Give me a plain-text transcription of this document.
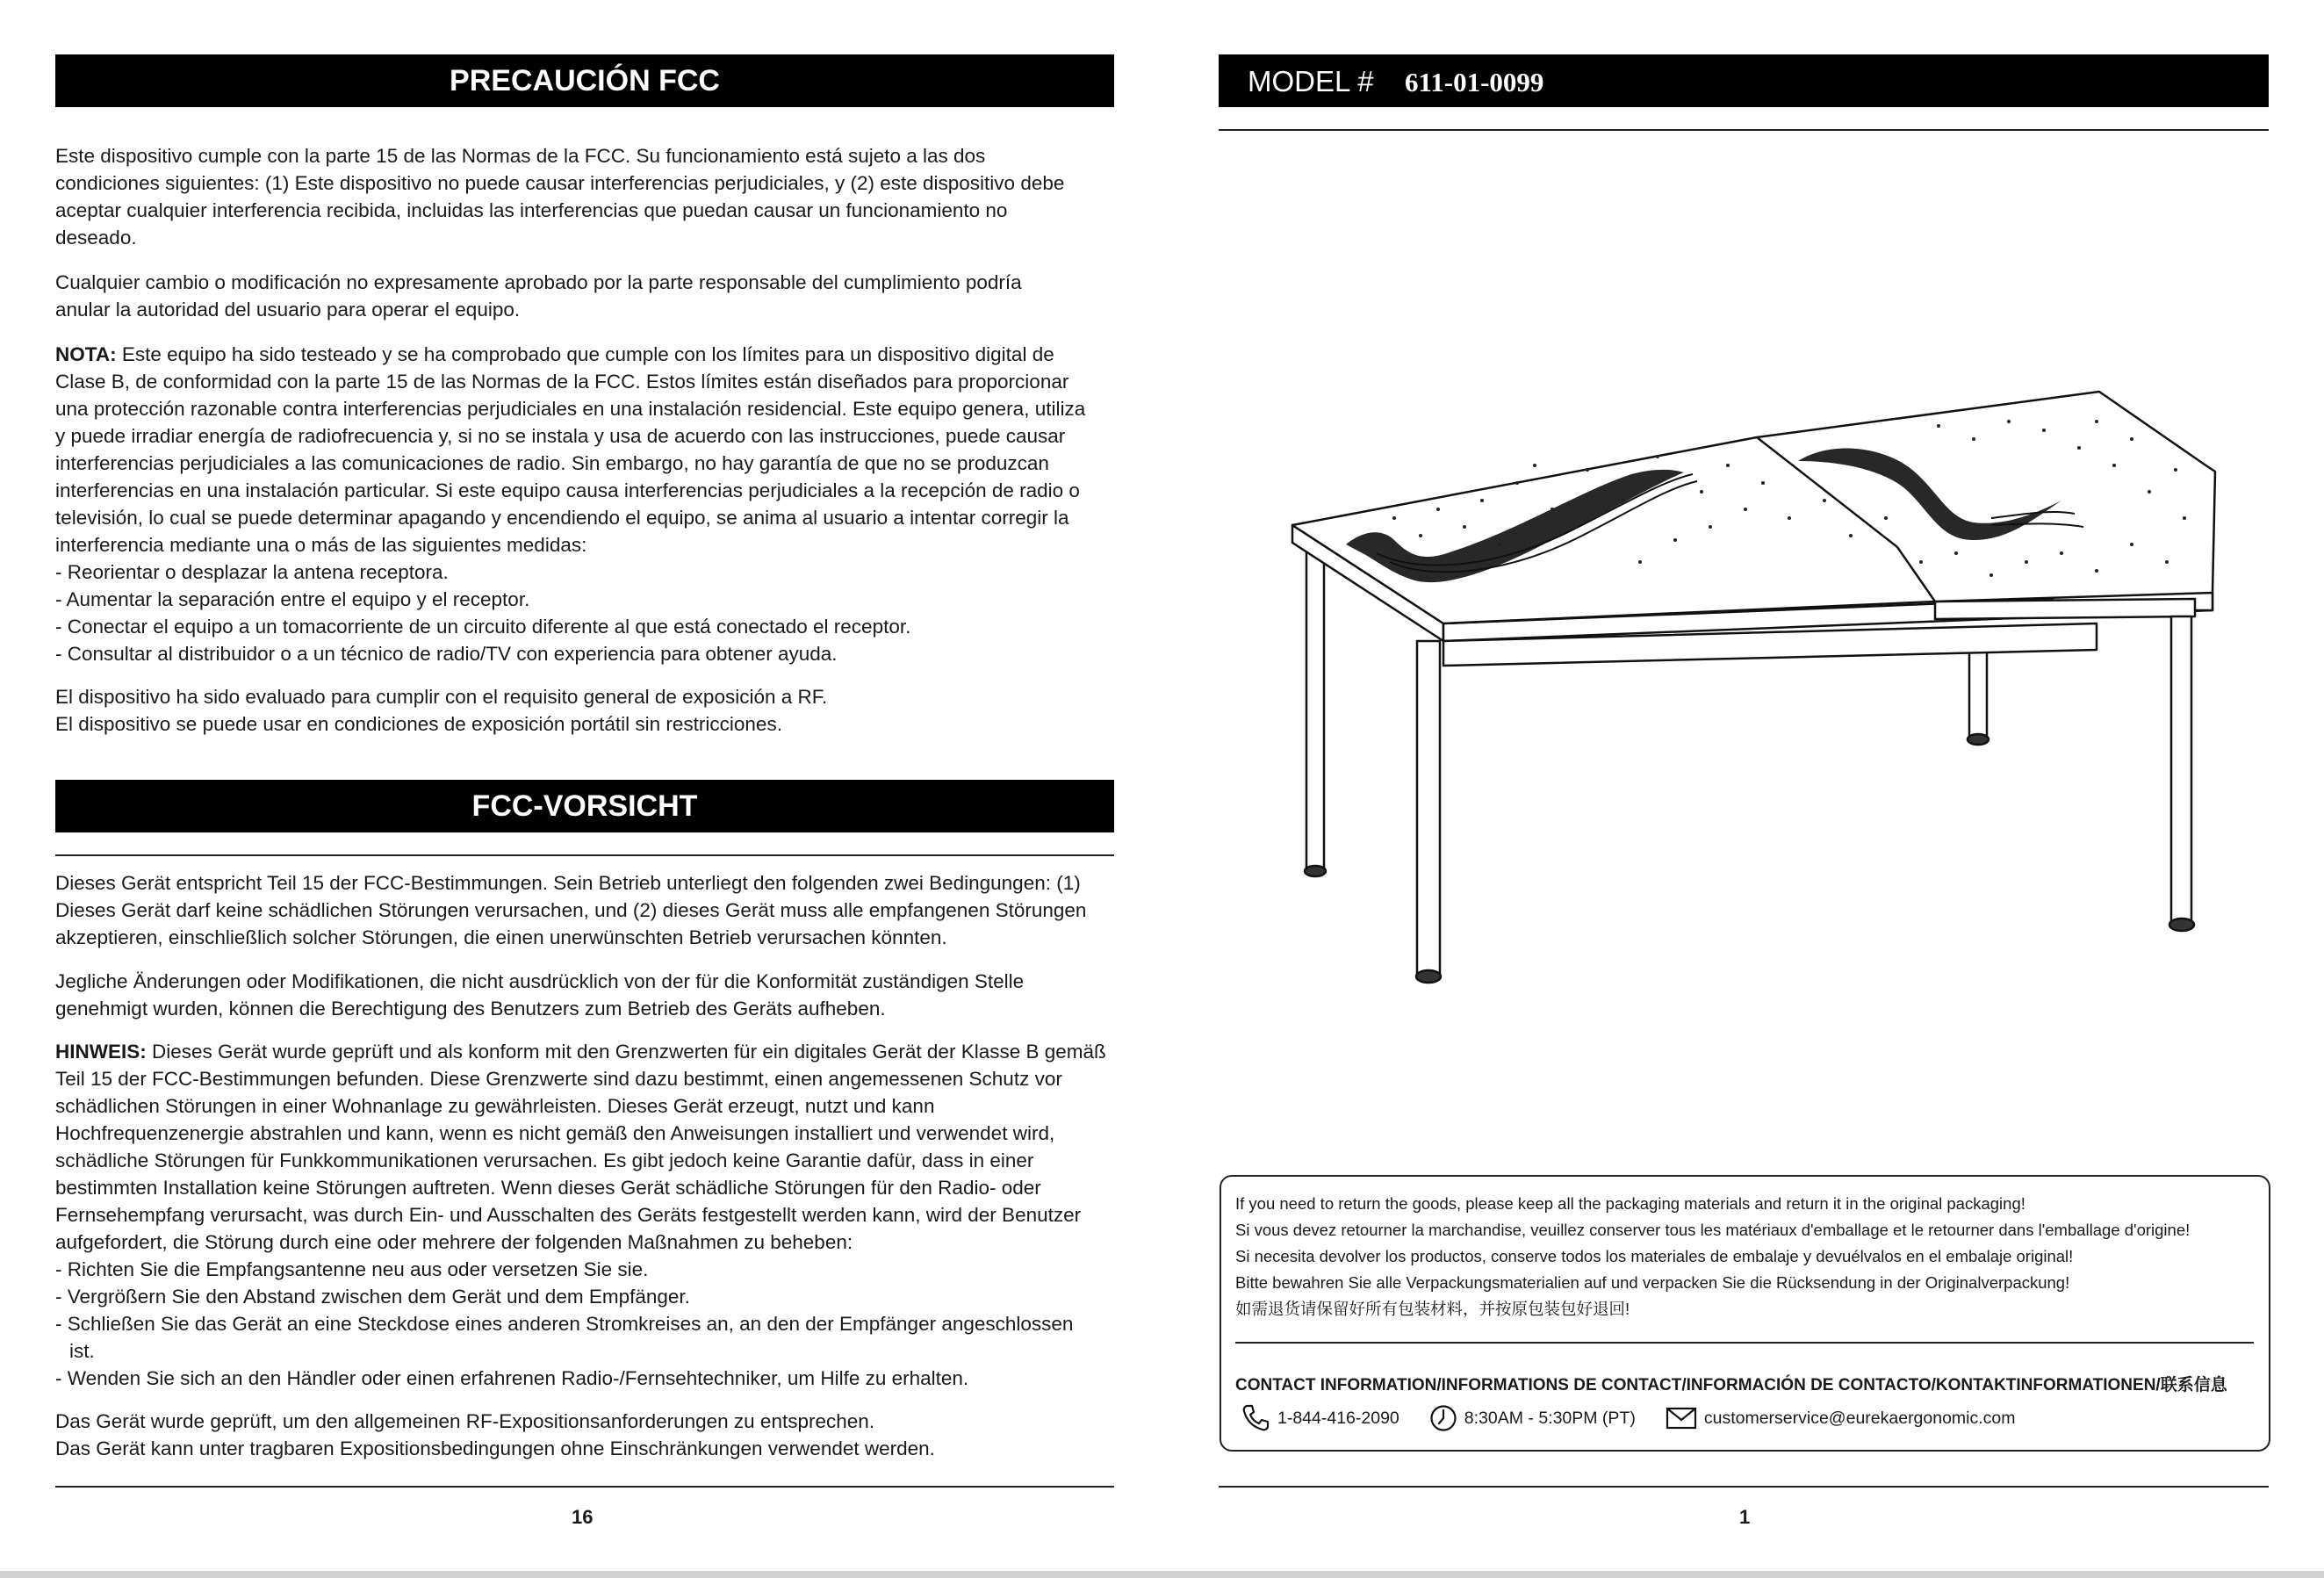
PRECAUCIÓN FCC

Este dispositivo cumple con la parte 15 de las Normas de la FCC. Su funcionamiento está sujeto a las dos condiciones siguientes: (1) Este dispositivo no puede causar interferencias perjudiciales, y (2) este dispositivo debe aceptar cualquier interferencia recibida, incluidas las interferencias que puedan causar un funcionamiento no deseado.

Cualquier cambio o modificación no expresamente aprobado por la parte responsable del cumplimiento podría anular la autoridad del usuario para operar el equipo.

NOTA: Este equipo ha sido testeado y se ha comprobado que cumple con los límites para un dispositivo digital de Clase B, de conformidad con la parte 15 de las Normas de la FCC. Estos límites están diseñados para proporcionar una protección razonable contra interferencias perjudiciales en una instalación residencial. Este equipo genera, utiliza y puede irradiar energía de radiofrecuencia y, si no se instala y usa de acuerdo con las instrucciones, puede causar interferencias perjudiciales a las comunicaciones de radio. Sin embargo, no hay garantía de que no se produzcan interferencias en una instalación particular. Si este equipo causa interferencias perjudiciales a la recepción de radio o televisión, lo cual se puede determinar apagando y encendiendo el equipo, se anima al usuario a intentar corregir la interferencia mediante una o más de las siguientes medidas:

- Reorientar o desplazar la antena receptora.
- Aumentar la separación entre el equipo y el receptor.
- Conectar el equipo a un tomacorriente de un circuito diferente al que está conectado el receptor.
- Consultar al distribuidor o a un técnico de radio/TV con experiencia para obtener ayuda.

El dispositivo ha sido evaluado para cumplir con el requisito general de exposición a RF.

El dispositivo se puede usar en condiciones de exposición portátil sin restricciones.

FCC-VORSICHT

Dieses Gerät entspricht Teil 15 der FCC-Bestimmungen. Sein Betrieb unterliegt den folgenden zwei Bedingungen: (1) Dieses Gerät darf keine schädlichen Störungen verursachen, und (2) dieses Gerät muss alle empfangenen Störungen akzeptieren, einschließlich solcher Störungen, die einen unerwünschten Betrieb verursachen könnten.

Jegliche Änderungen oder Modifikationen, die nicht ausdrücklich von der für die Konformität zuständigen Stelle genehmigt wurden, können die Berechtigung des Benutzers zum Betrieb des Geräts aufheben.

HINWEIS: Dieses Gerät wurde geprüft und als konform mit den Grenzwerten für ein digitales Gerät der Klasse B gemäß Teil 15 der FCC-Bestimmungen befunden. Diese Grenzwerte sind dazu bestimmt, einen angemessenen Schutz vor schädlichen Störungen in einer Wohnanlage zu gewährleisten. Dieses Gerät erzeugt, nutzt und kann Hochfrequenzenergie abstrahlen und kann, wenn es nicht gemäß den Anweisungen installiert und verwendet wird, schädliche Störungen für Funkkommunikationen verursachen. Es gibt jedoch keine Garantie dafür, dass in einer bestimmten Installation keine Störungen auftreten. Wenn dieses Gerät schädliche Störungen für den Radio- oder Fernsehempfang verursacht, was durch Ein- und Ausschalten des Geräts festgestellt werden kann, wird der Benutzer aufgefordert, die Störung durch eine oder mehrere der folgenden Maßnahmen zu beheben:

- Richten Sie die Empfangsantenne neu aus oder versetzen Sie sie.
- Vergrößern Sie den Abstand zwischen dem Gerät und dem Empfänger.
- Schließen Sie das Gerät an eine Steckdose eines anderen Stromkreises an, an den der Empfänger angeschlossen ist.
- Wenden Sie sich an den Händler oder einen erfahrenen Radio-/Fernsehtechniker, um Hilfe zu erhalten.

Das Gerät wurde geprüft, um den allgemeinen RF-Expositionsanforderungen zu entsprechen.

Das Gerät kann unter tragbaren Expositionsbedingungen ohne Einschränkungen verwendet werden.

16
MODEL # 611-01-0099
If you need to return the goods, please keep all the packaging materials and return it in the original packaging!
Si vous devez retourner la marchandise, veuillez conserver tous les matériaux d'emballage et le retourner dans l'emballage d'origine!
Si necesita devolver los productos, conserve todos los materiales de embalaje y devuélvalos en el embalaje original!
Bitte bewahren Sie alle Verpackungsmaterialien auf und verpacken Sie die Rücksendung in der Originalverpackung!
如需退货请保留好所有包装材料，并按原包装包好退回!
CONTACT INFORMATION/INFORMATIONS DE CONTACT/INFORMACIÓN DE CONTACTO/KONTAKTINFORMATIONEN/联系信息
1-844-416-2090	8:30AM - 5:30PM (PT)	customerservice@eurekaergonomic.com
1
